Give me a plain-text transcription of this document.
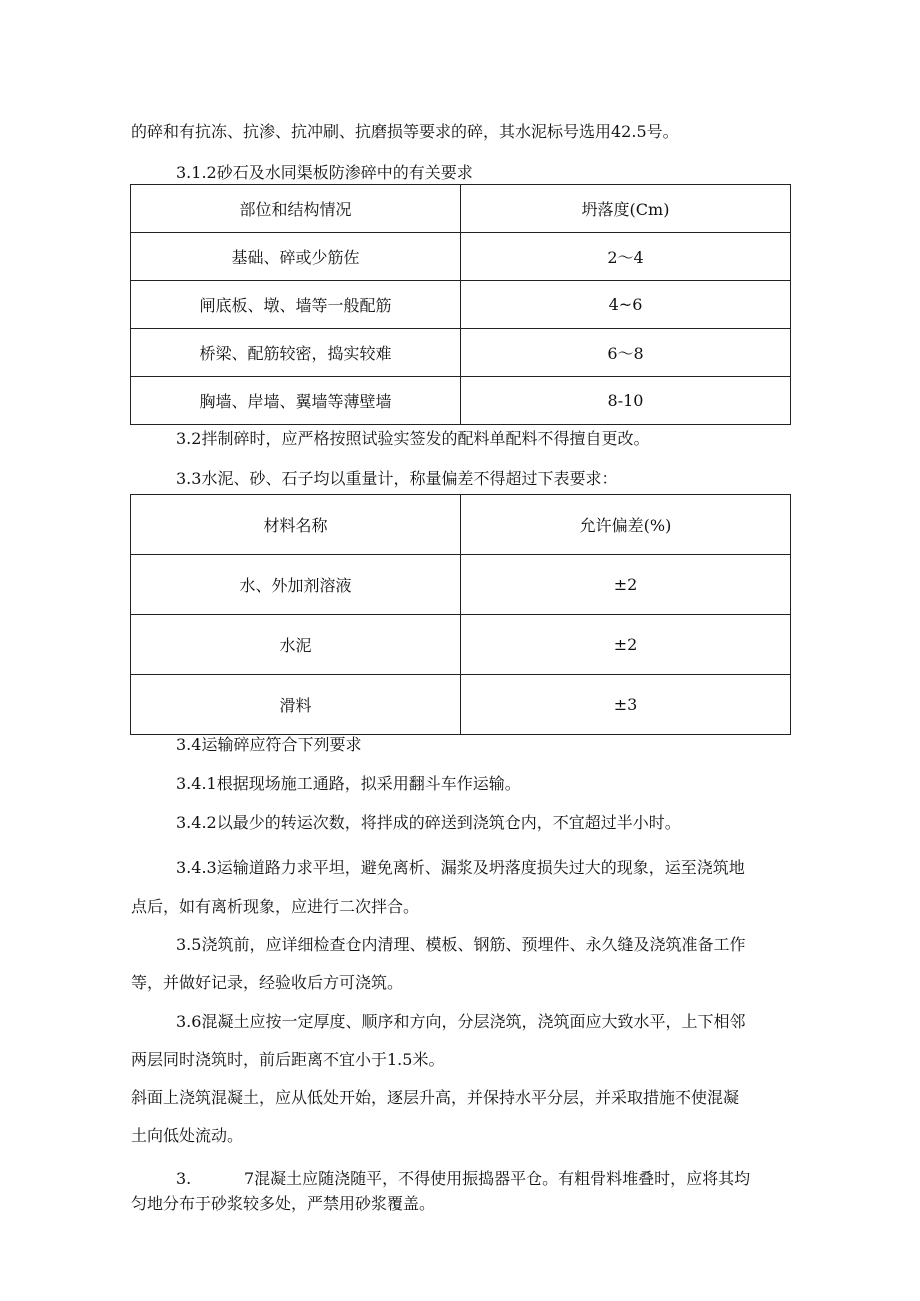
的碎和有抗冻、抗渗、抗冲刷、抗磨损等要求的碎，其水泥标号选用42.5号。
3.1.2砂石及水同渠板防渗碎中的有关要求
部位和结构情况	坍落度(Cm)
基础、碎或少筋佐	2～4
闸底板、墩、墙等一般配筋	4~6
桥梁、配筋较密，捣实较难	6～8
胸墙、岸墙、翼墙等薄壁墙	8-10
3.2拌制碎时，应严格按照试验实签发的配料单配料不得擅自更改。
3.3水泥、砂、石子均以重量计，称量偏差不得超过下表要求：
材料名称	允许偏差(%)
水、外加剂溶液	±2
水泥	±2
滑料	±3
3.4运输碎应符合下列要求
3.4.1根据现场施工通路，拟采用翻斗车作运输。
3.4.2以最少的转运次数，将拌成的碎送到浇筑仓内，不宜超过半小时。
3.4.3运输道路力求平坦，避免离析、漏浆及坍落度损失过大的现象，运至浇筑地
点后，如有离析现象，应进行二次拌合。
3.5浇筑前，应详细检查仓内清理、模板、钢筋、预埋件、永久缝及浇筑准备工作
等，并做好记录，经验收后方可浇筑。
3.6混凝土应按一定厚度、顺序和方向，分层浇筑，浇筑面应大致水平，上下相邻
两层同时浇筑时，前后距离不宜小于1.5米。
斜面上浇筑混凝土，应从低处开始，逐层升高，并保持水平分层，并采取措施不使混凝
土向低处流动。
3.	7混凝土应随浇随平，不得使用振捣器平仓。有粗骨料堆叠时，应将其均
匀地分布于砂浆较多处，严禁用砂浆覆盖。
